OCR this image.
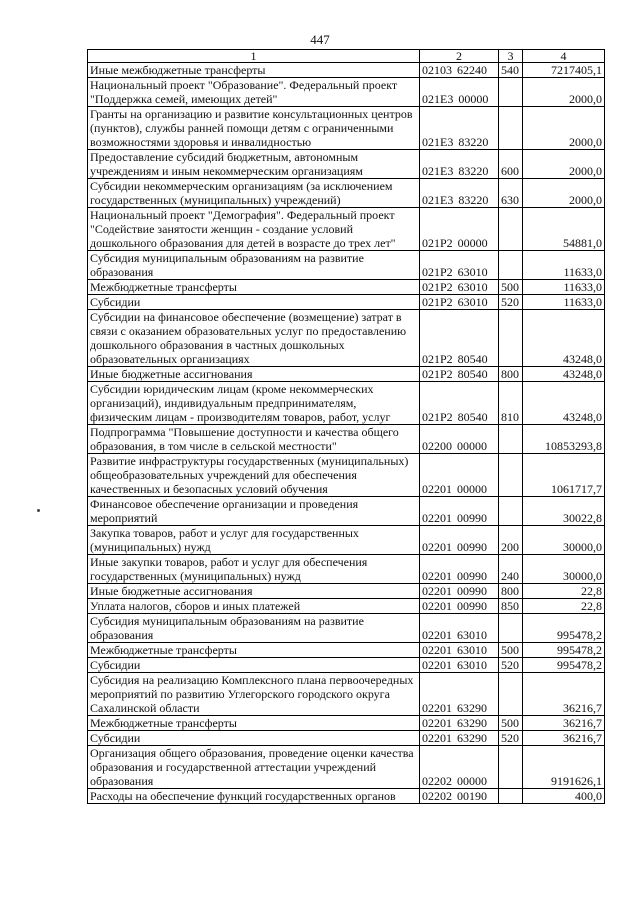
447
1	2	3	4
Иные межбюджетные трансферты	02103 62240	540	7217405,1
Национальный проект "Образование". Федеральный проект "Поддержка семей, имеющих детей"	021E3 00000		2000,0
Гранты на организацию и развитие консультационных центров (пунктов), службы ранней помощи детям с ограниченными возможностями здоровья и инвалидностью	021E3 83220		2000,0
Предоставление субсидий бюджетным, автономным учреждениям и иным некоммерческим организациям	021E3 83220	600	2000,0
Субсидии некоммерческим организациям (за исключением государственных (муниципальных) учреждений)	021E3 83220	630	2000,0
Национальный проект "Демография". Федеральный проект "Содействие занятости женщин - создание условий дошкольного образования для детей в возрасте до трех лет"	021P2 00000		54881,0
Субсидия муниципальным образованиям на развитие образования	021P2 63010		11633,0
Межбюджетные трансферты	021P2 63010	500	11633,0
Субсидии	021P2 63010	520	11633,0
Субсидии на финансовое обеспечение (возмещение) затрат в связи с оказанием образовательных услуг по предоставлению дошкольного образования в частных дошкольных образовательных организациях	021P2 80540		43248,0
Иные бюджетные ассигнования	021P2 80540	800	43248,0
Субсидии юридическим лицам (кроме некоммерческих организаций), индивидуальным предпринимателям, физическим лицам - производителям товаров, работ, услуг	021P2 80540	810	43248,0
Подпрограмма "Повышение доступности и качества общего образования, в том числе в сельской местности"	02200 00000		10853293,8
Развитие инфраструктуры государственных (муниципальных) общеобразовательных учреждений для обеспечения качественных и безопасных условий обучения	02201 00000		1061717,7
Финансовое обеспечение организации и проведения мероприятий	02201 00990		30022,8
Закупка товаров, работ и услуг для государственных (муниципальных) нужд	02201 00990	200	30000,0
Иные закупки товаров, работ и услуг для обеспечения государственных (муниципальных) нужд	02201 00990	240	30000,0
Иные бюджетные ассигнования	02201 00990	800	22,8
Уплата налогов, сборов и иных платежей	02201 00990	850	22,8
Субсидия муниципальным образованиям на развитие образования	02201 63010		995478,2
Межбюджетные трансферты	02201 63010	500	995478,2
Субсидии	02201 63010	520	995478,2
Субсидия на реализацию Комплексного плана первоочередных мероприятий по развитию Углегорского городского округа Сахалинской области	02201 63290		36216,7
Межбюджетные трансферты	02201 63290	500	36216,7
Субсидии	02201 63290	520	36216,7
Организация общего образования, проведение оценки качества образования и государственной аттестации учреждений образования	02202 00000		9191626,1
Расходы на обеспечение функций государственных органов	02202 00190		400,0
